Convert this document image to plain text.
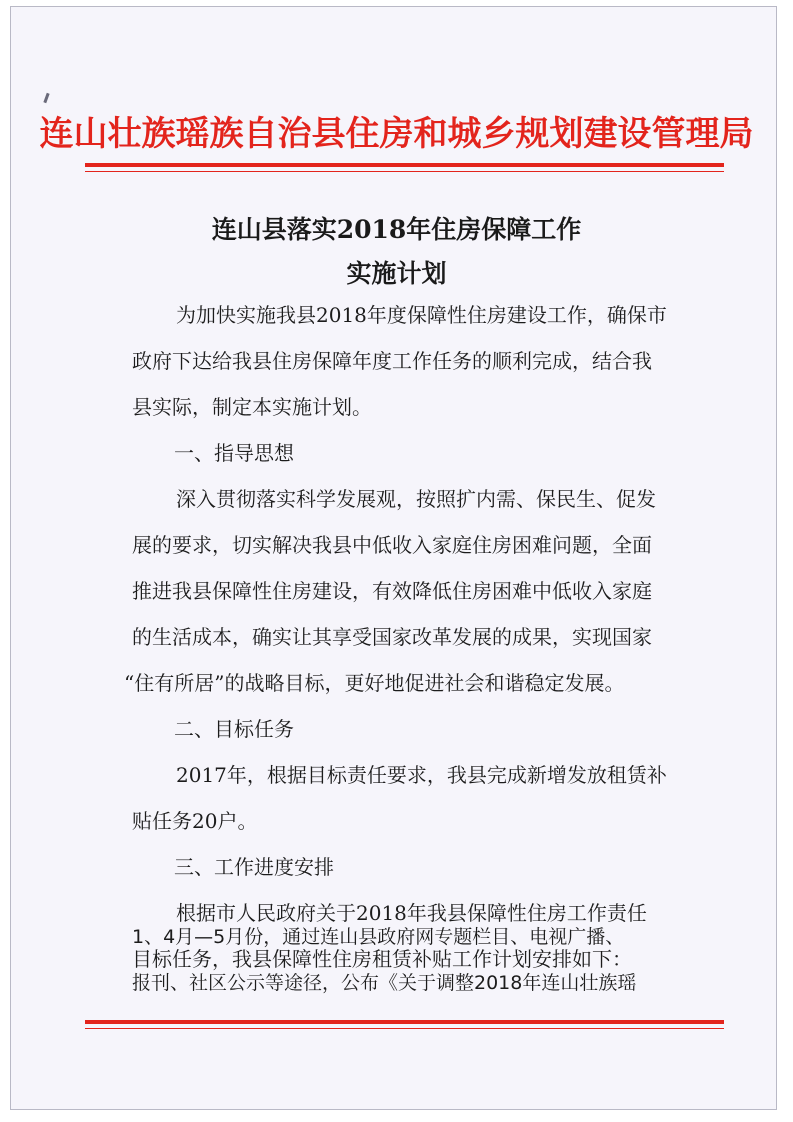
连山壮族瑶族自治县住房和城乡规划建设管理局
连山县落实2018年住房保障工作
实施计划
为加快实施我县2018年度保障性住房建设工作，确保市
政府下达给我县住房保障年度工作任务的顺利完成，结合我
县实际，制定本实施计划。
一、指导思想
深入贯彻落实科学发展观，按照扩内需、保民生、促发
展的要求，切实解决我县中低收入家庭住房困难问题，全面
推进我县保障性住房建设，有效降低住房困难中低收入家庭
的生活成本，确实让其享受国家改革发展的成果，实现国家
“住有所居”的战略目标，更好地促进社会和谐稳定发展。
二、目标任务
2017年，根据目标责任要求，我县完成新增发放租赁补
贴任务20户。
三、工作进度安排
根据市人民政府关于2018年我县保障性住房工作责任
目标任务，我县保障性住房租赁补贴工作计划安排如下：
1、4月—5月份，通过连山县政府网专题栏目、电视广播、
报刊、社区公示等途径，公布《关于调整2018年连山壮族瑶
